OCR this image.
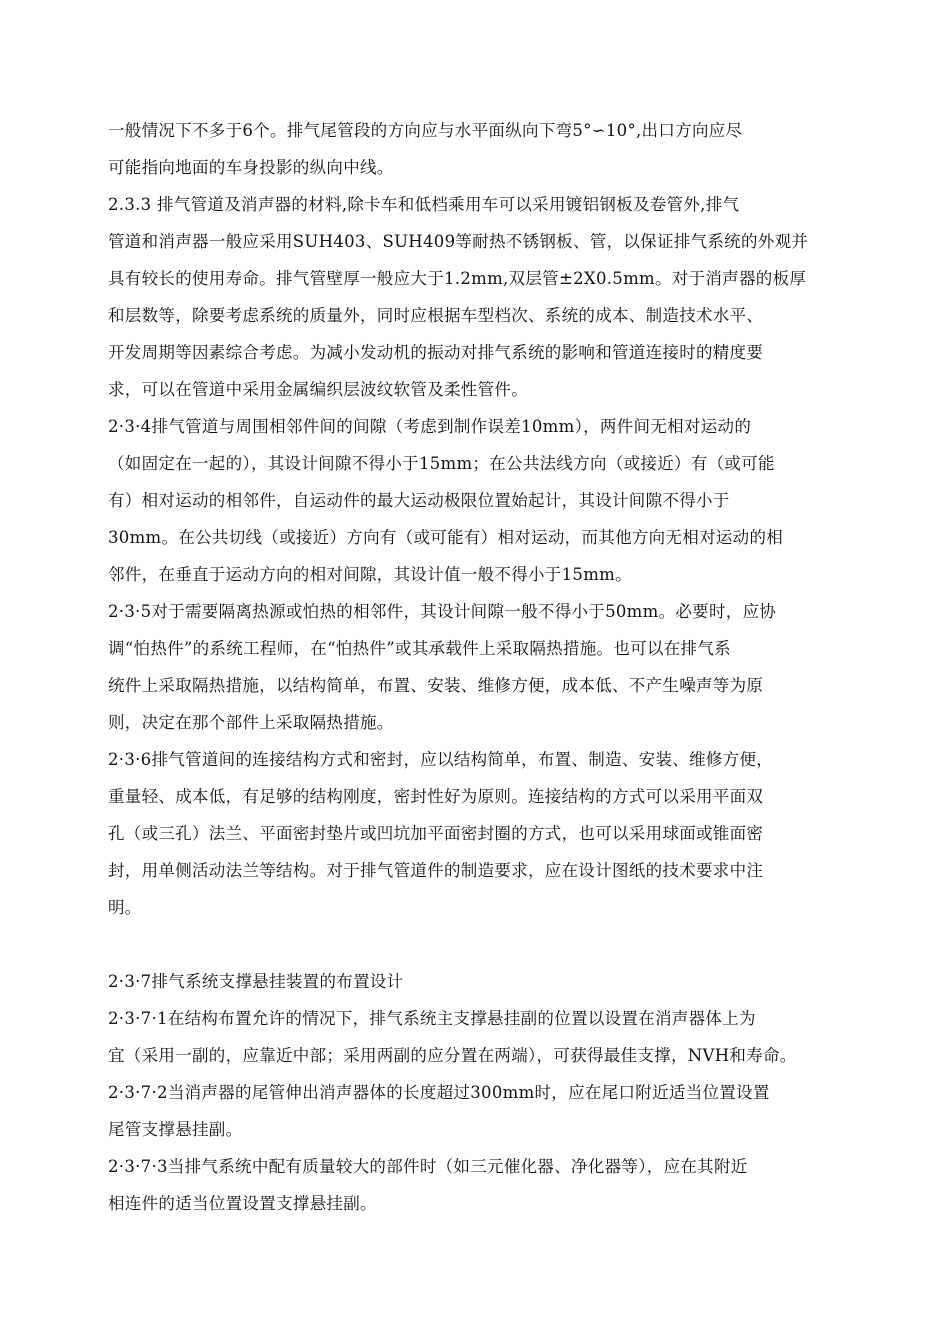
一般情况下不多于6个。排气尾管段的方向应与水平面纵向下弯5°∽10°,出口方向应尽
可能指向地面的车身投影的纵向中线。

2.3.3 排气管道及消声器的材料,除卡车和低档乘用车可以采用镀铝钢板及卷管外,排气
管道和消声器一般应采用SUH403、SUH409等耐热不锈钢板、管，以保证排气系统的外观并
具有较长的使用寿命。排气管壁厚一般应大于1.2mm,双层管±2X0.5mm。对于消声器的板厚
和层数等，除要考虑系统的质量外，同时应根据车型档次、系统的成本、制造技术水平、
开发周期等因素综合考虑。为减小发动机的振动对排气系统的影响和管道连接时的精度要
求，可以在管道中采用金属编织层波纹软管及柔性管件。

2·3·4排气管道与周围相邻件间的间隙（考虑到制作误差10mm），两件间无相对运动的
（如固定在一起的），其设计间隙不得小于15mm；在公共法线方向（或接近）有（或可能
有）相对运动的相邻件，自运动件的最大运动极限位置始起计，其设计间隙不得小于
30mm。在公共切线（或接近）方向有（或可能有）相对运动，而其他方向无相对运动的相
邻件，在垂直于运动方向的相对间隙，其设计值一般不得小于15mm。

2·3·5对于需要隔离热源或怕热的相邻件，其设计间隙一般不得小于50mm。必要时，应协
调“怕热件”的系统工程师，在“怕热件”或其承载件上采取隔热措施。也可以在排气系
统件上采取隔热措施，以结构简单，布置、安装、维修方便，成本低、不产生噪声等为原
则，决定在那个部件上采取隔热措施。

2·3·6排气管道间的连接结构方式和密封，应以结构简单，布置、制造、安装、维修方便，
重量轻、成本低，有足够的结构刚度，密封性好为原则。连接结构的方式可以采用平面双
孔（或三孔）法兰、平面密封垫片或凹坑加平面密封圈的方式，也可以采用球面或锥面密
封，用单侧活动法兰等结构。对于排气管道件的制造要求，应在设计图纸的技术要求中注
明。

2·3·7排气系统支撑悬挂装置的布置设计

2·3·7·1在结构布置允许的情况下，排气系统主支撑悬挂副的位置以设置在消声器体上为
宜（采用一副的，应靠近中部；采用两副的应分置在两端），可获得最佳支撑，NVH和寿命。

2·3·7·2当消声器的尾管伸出消声器体的长度超过300mm时，应在尾口附近适当位置设置
尾管支撑悬挂副。

2·3·7·3当排气系统中配有质量较大的部件时（如三元催化器、净化器等），应在其附近
相连件的适当位置设置支撑悬挂副。
